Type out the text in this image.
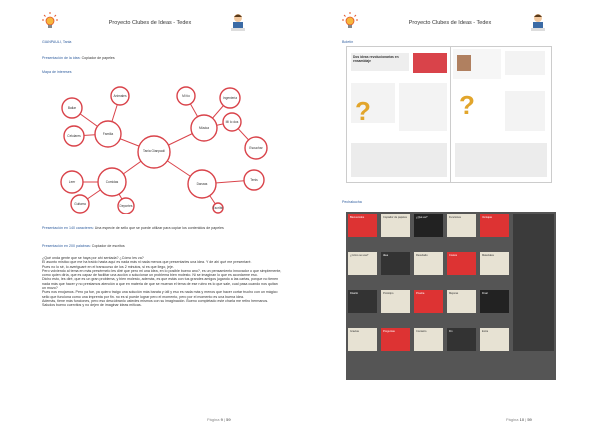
Proyecto Clubes de Ideas - Tedex
GIANPAULI, Tania
Presentación de la idea: Copiador de papeles
Mapa de intereses
Tania Gianpaoli
Música
Mi tío	Ingeniería
Mi lo dos
Escuchar
Familia
Bailar
Animales
Celulares
Comidas
Leer
Guitarra	Deportes
Danzas
Tenis
Escribir
Presentación en 140 caracteres: Una especie de sello que se puede utilizar para copiar los contenidos de papeles
Presentación en 200 palabras: Copiador de escritos
¿Qué onda gente que se haya por ahí sentada? ¿Cómo les va?
El asunto místico que me ha traído hasta aquí es nada más ni nada menos que presentarles una idea. Y de ahí qué me presentaré.
Pues no lo sé, lo averiguaré en el transcurso de los 2 minutos, si es que llego, jeje.
Pero volviendo al tema en más presérmelo les diré que pero mi una idea, en lo posible bueno ano?, es un pensamiento innovador o que simplemente, como quien diría, que es capaz de facilitar una acción o solucionar un problema bien molesto. Ni se imaginan lo que es acordarme eso.
Dicho esto, les diré, que es un gran problema, y bien molesto, además, es que estás con tus grandes amigos jugando a las cartas, porque no tienen nada más que hacer y no prestamos atención a que en materia de que se mueran el tema de ese rubro es lo que sale, cual pasa cuando nos quitan un mozo?
Pues nos enojamos. Pero ya fue, ya quiero traigo una solución más barata y útil y eso es nada más y menos que hacer cortar trucho con un mágico sello que funciona como una imprenta por fin. no es si puede lograr pero el momento, pero por el momento es una buena idea.
Además, tiene más funciones, pero eso descúbranlo ustedes mismos con su imaginación. Bueno completado este charla me retiro hermanos. Saludos bueno cuervitos y no dejen de imaginar ideas míticas.
Página 9 | 59
Proyecto Clubes de Ideas - Tedex
Boletín
Dos ideas revolucionarias en ensamblaje
?	?
Pechakucha
Bienvenidos	Copiador de papeles	¿Qué es?	Funciones	Ventajas
¿Cómo se usa?	Idea	Resultado	Costos	Materiales
Diseño	Prototipo	Prueba	Mejoras	Final
Gracias	Preguntas	Contacto	Fin	Extra
Página 10 | 59
